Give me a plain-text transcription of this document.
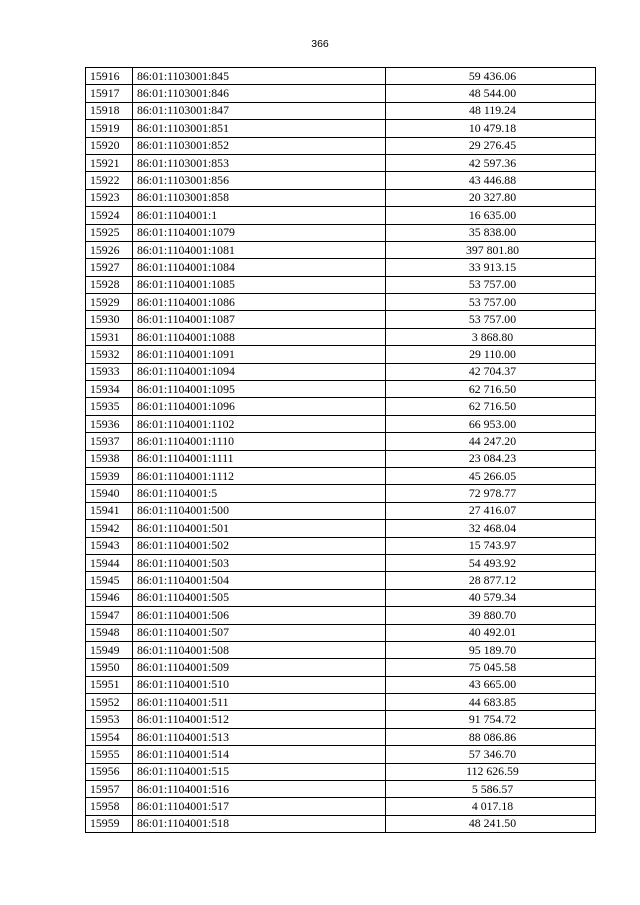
366
15916	86:01:1103001:845	59 436.06
15917	86:01:1103001:846	48 544.00
15918	86:01:1103001:847	48 119.24
15919	86:01:1103001:851	10 479.18
15920	86:01:1103001:852	29 276.45
15921	86:01:1103001:853	42 597.36
15922	86:01:1103001:856	43 446.88
15923	86:01:1103001:858	20 327.80
15924	86:01:1104001:1	16 635.00
15925	86:01:1104001:1079	35 838.00
15926	86:01:1104001:1081	397 801.80
15927	86:01:1104001:1084	33 913.15
15928	86:01:1104001:1085	53 757.00
15929	86:01:1104001:1086	53 757.00
15930	86:01:1104001:1087	53 757.00
15931	86:01:1104001:1088	3 868.80
15932	86:01:1104001:1091	29 110.00
15933	86:01:1104001:1094	42 704.37
15934	86:01:1104001:1095	62 716.50
15935	86:01:1104001:1096	62 716.50
15936	86:01:1104001:1102	66 953.00
15937	86:01:1104001:1110	44 247.20
15938	86:01:1104001:1111	23 084.23
15939	86:01:1104001:1112	45 266.05
15940	86:01:1104001:5	72 978.77
15941	86:01:1104001:500	27 416.07
15942	86:01:1104001:501	32 468.04
15943	86:01:1104001:502	15 743.97
15944	86:01:1104001:503	54 493.92
15945	86:01:1104001:504	28 877.12
15946	86:01:1104001:505	40 579.34
15947	86:01:1104001:506	39 880.70
15948	86:01:1104001:507	40 492.01
15949	86:01:1104001:508	95 189.70
15950	86:01:1104001:509	75 045.58
15951	86:01:1104001:510	43 665.00
15952	86:01:1104001:511	44 683.85
15953	86:01:1104001:512	91 754.72
15954	86:01:1104001:513	88 086.86
15955	86:01:1104001:514	57 346.70
15956	86:01:1104001:515	112 626.59
15957	86:01:1104001:516	5 586.57
15958	86:01:1104001:517	4 017.18
15959	86:01:1104001:518	48 241.50
